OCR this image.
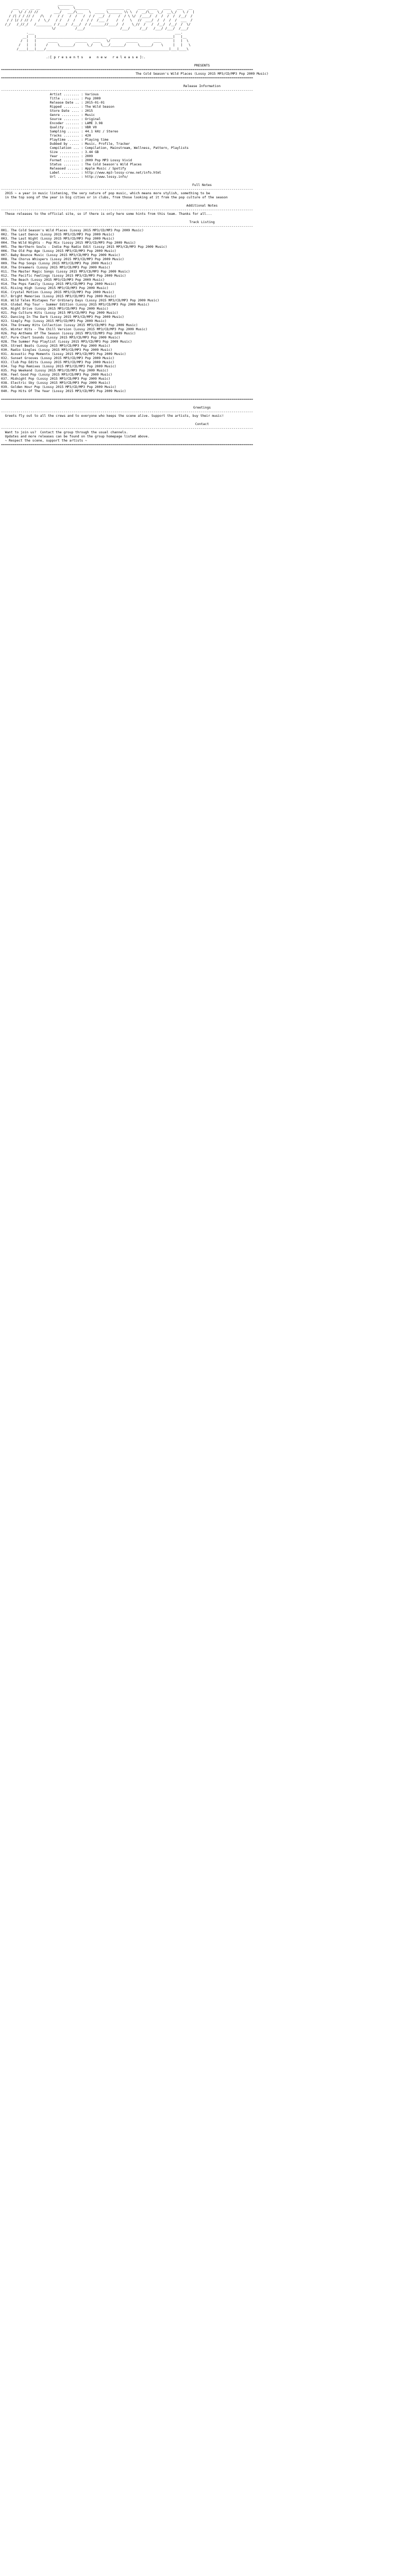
________
___  _ _ __ __         \_____  \_______         _________ __    ____ _____   ____   ___   __
/   \/ / // //        ___/   ___/\___   \  _____ \_______ \\ \  /  __/\__  \_/  __\_/   \ /  |
/ /| / / // /   /\   /   / /   /  /   /  / /  __/  /    /  / \ \/  /____/  /  /  /  /  /__/  /
/ / |/ / // /   /  \_/   / /   /  /   /  / /  /___ /    /  /   \   //  ___/  /  /  /  /  ___  /
/_/   /_//_/   /________ / /___/  /___/  / /_______//____/  /    \_//  /   /  /__/  /__/  /  \/
\/          /___/                  /___/     /__/   /___/ /___/  /___/
.___                                                                        ___.
__|   |____________________________________  ________________________________|   |__
/  |   |      _____         ______   ____   \/        ______        ____      |   |  \
/   |   |     /     \_______/      \_/    \___/_______/      \______/    \     |   |   \
/____|___|____/_______________________________________________________________|___|____\

.:[ p r e s e n t s   a   n e w   r e l e a s e ]:.
PRESENTS
=================================================================================================================================
The Cold Season's Wild Places (Lossy 2015 MP3/CD/MP3 Pop 2009 Music)
=================================================================================================================================
Release Information
---------------------------------------------------------------------------------------------------------------------------------
Artist ........ : Various
Title ......... : Pop 2009
Release Date .. : 2015-01-01
Ripped ........ : The Wild Season
Store Date .... : 2015
Genre ......... : Music
Source ........ : Original
Encoder ....... : LAME 3.98
Quality ....... : VBR V0
Sampling ...... : 44.1 kHz / Stereo
Tracks ........ : 420
Playtime ...... : Playing time
Dubbed by ..... : Music, Profile, Tracker
Compilation ... : Compilation, Mainstream, Wellness, Pattern, Playlists
Size .......... : 3.44 GB
Year .......... : 2009
Format ........ : 2009 Pop MP3 Lossy Vivid
Status ........ : The Cold Season's Wild Places
Released ...... : Apple Music / Spotify
Label ......... : http://www.mp3-lossy-crew.net/info.html
Url ........... : http://www.lossy.info/
Full Notes
---------------------------------------------------------------------------------------------------------------------------------
2015 ~ a year in music listening, the very nature of pop music, which means more stylish, something to be
in the top song of the year in big cities or in clubs, from those looking at it from the pop culture of the season
Additional Notes
---------------------------------------------------------------------------------------------------------------------------------
These releases to the official site, so if there is only here some hints from this team. Thanks for all...
Track Listing
---------------------------------------------------------------------------------------------------------------------------------
001. The Cold Season's Wild Places (Lossy 2015 MP3/CD/MP3 Pop 2009 Music)
002. The Last Dance (Lossy 2015 MP3/CD/MP3 Pop 2009 Music)
003. The Last Night (Lossy 2015 MP3/CD/MP3 Pop 2009 Music)
004. The Wild Nights - Pop Mix (Lossy 2015 MP3/CD/MP3 Pop 2009 Music)
005. The Northern Souls - Indie Pop Radio Edit (Lossy 2015 MP3/CD/MP3 Pop 2009 Music)
006. The Old Pop Age (Lossy 2015 MP3/CD/MP3 Pop 2009 Music)
007. Baby Bounce Music (Lossy 2015 MP3/CD/MP3 Pop 2009 Music)
008. The Chorus Whispers (Lossy 2015 MP3/CD/MP3 Pop 2009 Music)
009. The Pop Songs (Lossy 2015 MP3/CD/MP3 Pop 2009 Music)
010. The Dreamers (Lossy 2015 MP3/CD/MP3 Pop 2009 Music)
011. The Master Magic Songs (Lossy 2015 MP3/CD/MP3 Pop 2009 Music)
012. The Pacific Feelings (Lossy 2015 MP3/CD/MP3 Pop 2009 Music)
013. The Beach (Lossy 2015 MP3/CD/MP3 Pop 2009 Music)
014. The Pops Family (Lossy 2015 MP3/CD/MP3 Pop 2009 Music)
015. Rising High (Lossy 2015 MP3/CD/MP3 Pop 2009 Music)
016. Crystal Motion (Lossy 2015 MP3/CD/MP3 Pop 2009 Music)
017. Bright Memories (Lossy 2015 MP3/CD/MP3 Pop 2009 Music)
018. Wild Tales Mixtapes for Ordinary Days (Lossy 2015 MP3/CD/MP3 Pop 2009 Music)
019. Global Pop Tour - Summer Edition (Lossy 2015 MP3/CD/MP3 Pop 2009 Music)
020. Night Drive (Lossy 2015 MP3/CD/MP3 Pop 2009 Music)
021. Pop Culture Hits (Lossy 2015 MP3/CD/MP3 Pop 2009 Music)
022. Dancing In The Dark (Lossy 2015 MP3/CD/MP3 Pop 2009 Music)
023. Simply Pop (Lossy 2015 MP3/CD/MP3 Pop 2009 Music)
024. The Dreamy Hits Collection (Lossy 2015 MP3/CD/MP3 Pop 2009 Music)
025. Winter Hits - The Chill Version (Lossy 2015 MP3/CD/MP3 Pop 2009 Music)
026. Pop Anthems Of The Season (Lossy 2015 MP3/CD/MP3 Pop 2009 Music)
027. Pure Chart Sounds (Lossy 2015 MP3/CD/MP3 Pop 2009 Music)
028. The Summer Pop Playlist (Lossy 2015 MP3/CD/MP3 Pop 2009 Music)
029. Street Beats (Lossy 2015 MP3/CD/MP3 Pop 2009 Music)
030. Radio Singles (Lossy 2015 MP3/CD/MP3 Pop 2009 Music)
031. Acoustic Pop Moments (Lossy 2015 MP3/CD/MP3 Pop 2009 Music)
032. Sunset Grooves (Lossy 2015 MP3/CD/MP3 Pop 2009 Music)
033. Club Pop Edits (Lossy 2015 MP3/CD/MP3 Pop 2009 Music)
034. Top Pop Remixes (Lossy 2015 MP3/CD/MP3 Pop 2009 Music)
035. Pop Weekend (Lossy 2015 MP3/CD/MP3 Pop 2009 Music)
036. Feel Good Pop (Lossy 2015 MP3/CD/MP3 Pop 2009 Music)
037. Midnight Pop (Lossy 2015 MP3/CD/MP3 Pop 2009 Music)
038. Electric Sky (Lossy 2015 MP3/CD/MP3 Pop 2009 Music)
039. Golden Hour Pop (Lossy 2015 MP3/CD/MP3 Pop 2009 Music)
040. Pop Hits Of The Year (Lossy 2015 MP3/CD/MP3 Pop 2009 Music)
=================================================================================================================================
Greetings
---------------------------------------------------------------------------------------------------------------------------------
Greets fly out to all the crews and to everyone who keeps the scene alive. Support the artists, buy their music!
Contact
---------------------------------------------------------------------------------------------------------------------------------
Want to join us?  Contact the group through the usual channels.
Updates and more releases can be found on the group homepage listed above.
~ Respect the scene, support the artists ~
=================================================================================================================================
